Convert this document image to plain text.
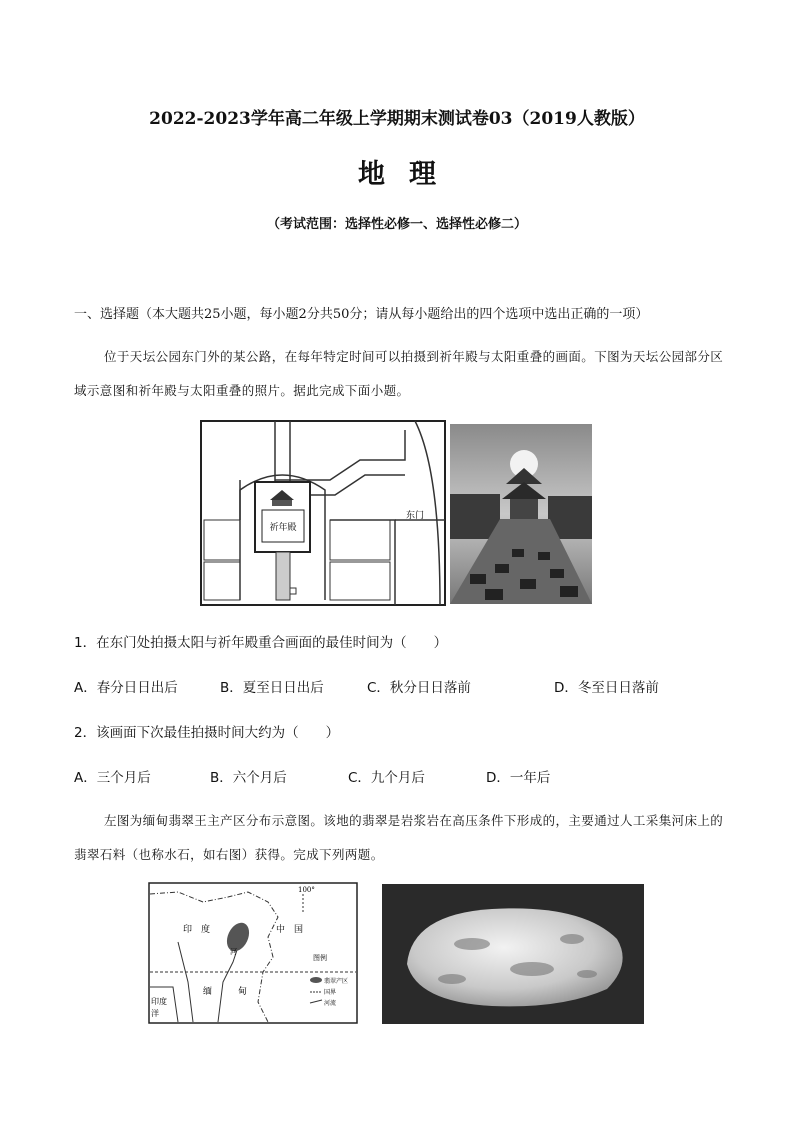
2022-2023学年高二年级上学期期末测试卷03（2019人教版）
地理
（考试范围：选择性必修一、选择性必修二）
一、选择题（本大题共25小题，每小题2分共50分；请从每小题给出的四个选项中选出正确的一项）
位于天坛公园东门外的某公路，在每年特定时间可以拍摄到祈年殿与太阳重叠的画面。下图为天坛公园部分区域示意图和祈年殿与太阳重叠的照片。据此完成下面小题。
祈年殿
东门
1．在东门处拍摄太阳与祈年殿重合画面的最佳时间为（　　）
A．春分日日出后	B．夏至日日出后	C．秋分日日落前	D．冬至日日落前
2．该画面下次最佳拍摄时间大约为（　　）
A．三个月后	B．六个月后	C．九个月后	D．一年后
左图为缅甸翡翠王主产区分布示意图。该地的翡翠是岩浆岩在高压条件下形成的，主要通过人工采集河床上的翡翠石料（也称水石，如右图）获得。完成下列两题。
100°
印　度	中　国
缅	甸
印度
洋
河
图例
翡翠产区
国界
河流
